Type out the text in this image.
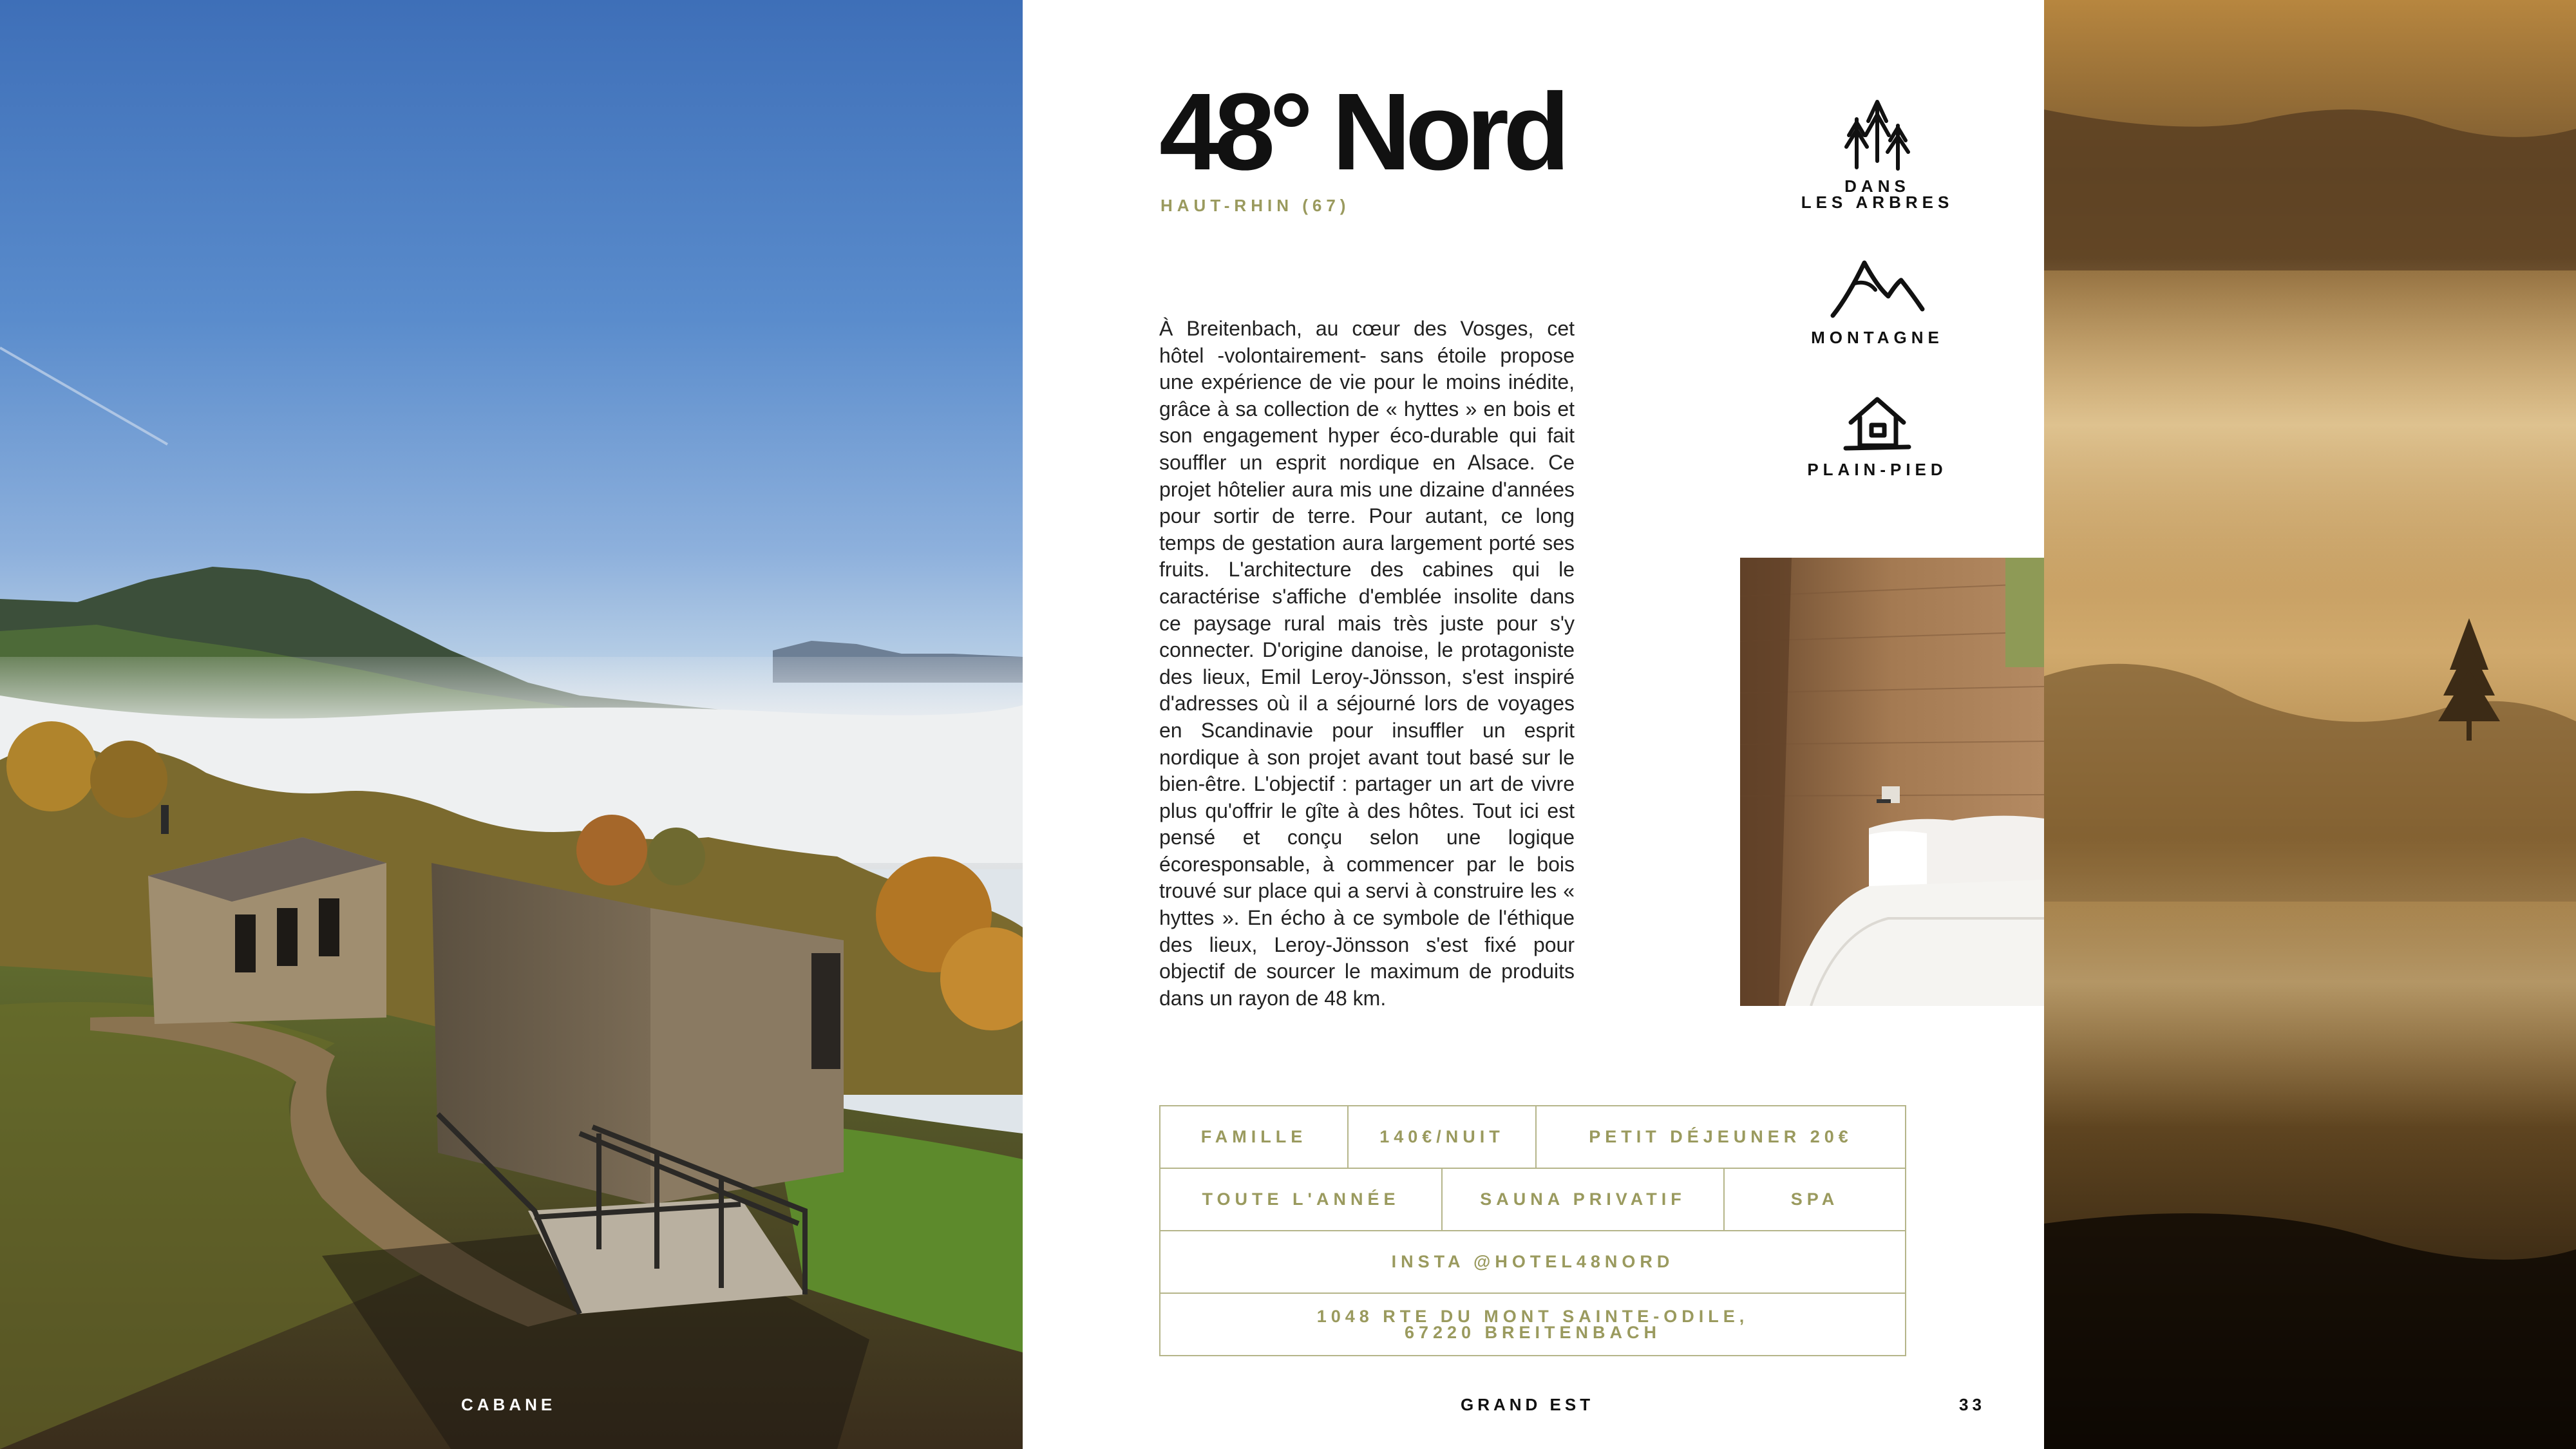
48° Nord
HAUT-RHIN (67)

À Breitenbach, au cœur des Vosges, cet hôtel -volontairement- sans étoile propose une expérience de vie pour le moins inédite, grâce à sa collection de « hyttes » en bois et son engagement hyper éco-durable qui fait souffler un esprit nordique en Alsace. Ce projet hôtelier aura mis une dizaine d'années pour sortir de terre. Pour autant, ce long temps de gestation aura largement porté ses fruits. L'architecture des cabines qui le caractérise s'affiche d'emblée insolite dans ce paysage rural mais très juste pour s'y connecter. D'origine danoise, le protagoniste des lieux, Emil Leroy-Jönsson, s'est inspiré d'adresses où il a séjourné lors de voyages en Scandinavie pour insuffler un esprit nordique à son projet avant tout basé sur le bien-être. L'objectif : partager un art de vivre plus qu'offrir le gîte à des hôtes. Tout ici est pensé et conçu selon une logique écoresponsable, à commencer par le bois trouvé sur place qui a servi à construire les « hyttes ». En écho à ce symbole de l'éthique des lieux, Leroy-Jönsson s'est fixé pour objectif de sourcer le maximum de produits dans un rayon de 48 km.

DANS
LES ARBRES
MONTAGNE
PLAIN-PIED
FAMILLE	140€/NUIT	PETIT DÉJEUNER 20€
TOUTE L'ANNÉE	SAUNA PRIVATIF	SPA
INSTA @HOTEL48NORD
1048 RTE DU MONT SAINTE-ODILE,
67220 BREITENBACH
CABANE	GRAND EST	33
